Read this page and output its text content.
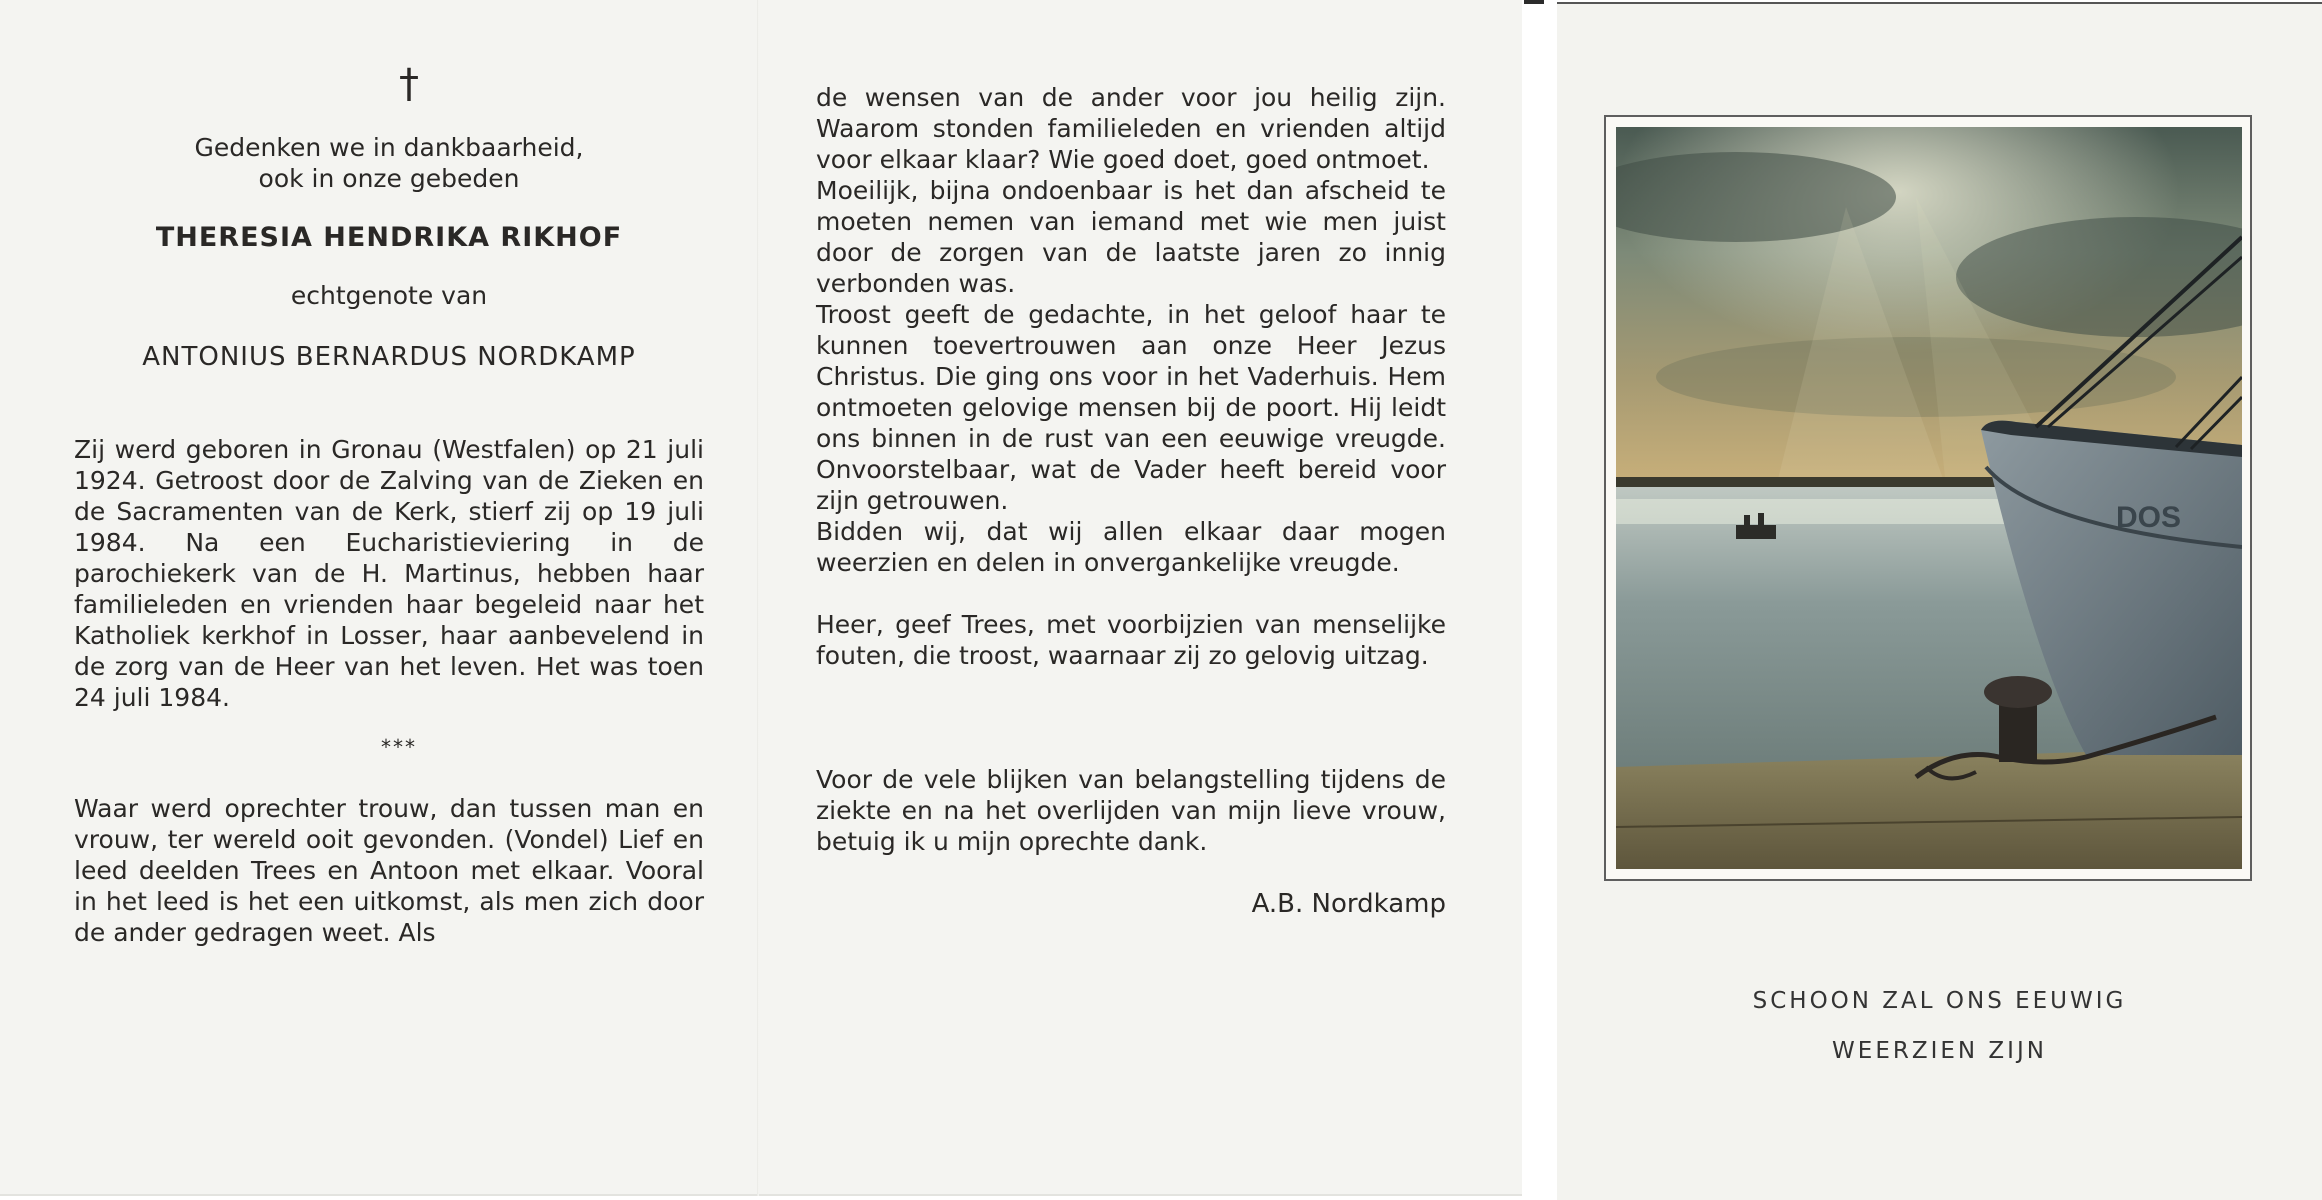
†
Gedenken we in dankbaarheid,
ook in onze gebeden
THERESIA HENDRIKA RIKHOF
echtgenote van
ANTONIUS BERNARDUS NORDKAMP
Zij werd geboren in Gronau (Westfalen) op 21 juli 1924. Getroost door de Zalving van de Zieken en de Sacramenten van de Kerk, stierf zij op 19 juli 1984. Na een Eucharistieviering in de parochiekerk van de H. Martinus, hebben haar familieleden en vrienden haar begeleid naar het Katholiek kerkhof in Losser, haar aanbevelend in de zorg van de Heer van het leven. Het was toen 24 juli 1984.
***
Waar werd oprechter trouw, dan tussen man en vrouw, ter wereld ooit gevonden. (Vondel) Lief en leed deelden Trees en Antoon met elkaar. Vooral in het leed is het een uitkomst, als men zich door de ander gedragen weet. Als
de wensen van de ander voor jou heilig zijn. Waarom stonden familieleden en vrienden altijd voor elkaar klaar? Wie goed doet, goed ontmoet.
Moeilijk, bijna ondoenbaar is het dan afscheid te moeten nemen van iemand met wie men juist door de zorgen van de laatste jaren zo innig verbonden was.
Troost geeft de gedachte, in het geloof haar te kunnen toevertrouwen aan onze Heer Jezus Christus. Die ging ons voor in het Vaderhuis. Hem ontmoeten gelovige mensen bij de poort. Hij leidt ons binnen in de rust van een eeuwige vreugde. Onvoorstelbaar, wat de Vader heeft bereid voor zijn getrouwen.
Bidden wij, dat wij allen elkaar daar mogen weerzien en delen in onvergankelijke vreugde.
Heer, geef Trees, met voorbijzien van menselijke fouten, die troost, waarnaar zij zo gelovig uitzag.
Voor de vele blijken van belangstelling tijdens de ziekte en na het overlijden van mijn lieve vrouw, betuig ik u mijn oprechte dank.
A.B. Nordkamp
DOS
SCHOON ZAL ONS EEUWIG
WEERZIEN ZIJN
